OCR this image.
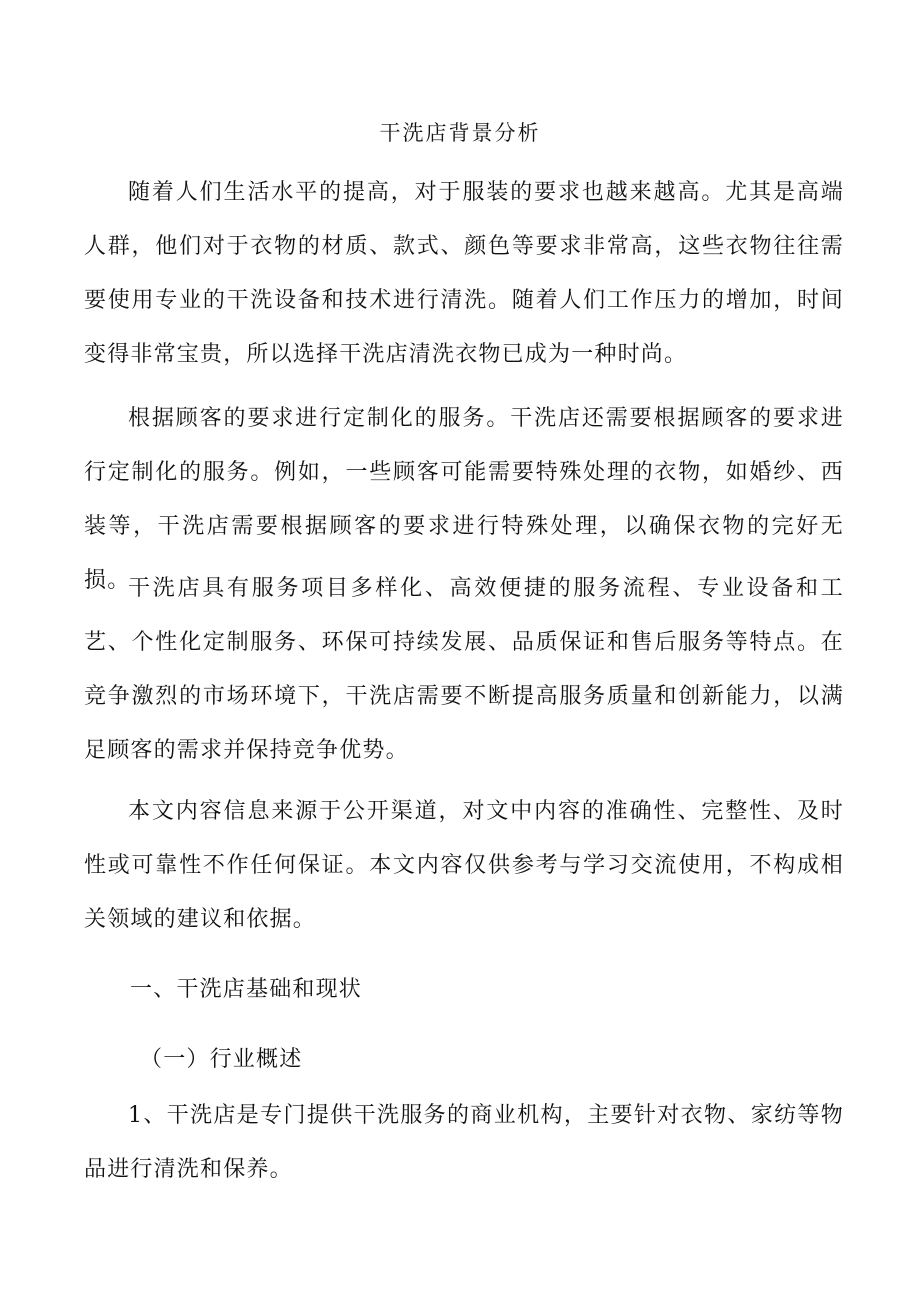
干洗店背景分析

随着人们生活水平的提高，对于服装的要求也越来越高。尤其是高端人群，他们对于衣物的材质、款式、颜色等要求非常高，这些衣物往往需要使用专业的干洗设备和技术进行清洗。随着人们工作压力的增加，时间变得非常宝贵，所以选择干洗店清洗衣物已成为一种时尚。

根据顾客的要求进行定制化的服务。干洗店还需要根据顾客的要求进行定制化的服务。例如，一些顾客可能需要特殊处理的衣物，如婚纱、西装等，干洗店需要根据顾客的要求进行特殊处理，以确保衣物的完好无损。

干洗店具有服务项目多样化、高效便捷的服务流程、专业设备和工艺、个性化定制服务、环保可持续发展、品质保证和售后服务等特点。在竞争激烈的市场环境下，干洗店需要不断提高服务质量和创新能力，以满足顾客的需求并保持竞争优势。

本文内容信息来源于公开渠道，对文中内容的准确性、完整性、及时性或可靠性不作任何保证。本文内容仅供参考与学习交流使用，不构成相关领域的建议和依据。

一、干洗店基础和现状

（一）行业概述

1、干洗店是专门提供干洗服务的商业机构，主要针对衣物、家纺等物品进行清洗和保养。
